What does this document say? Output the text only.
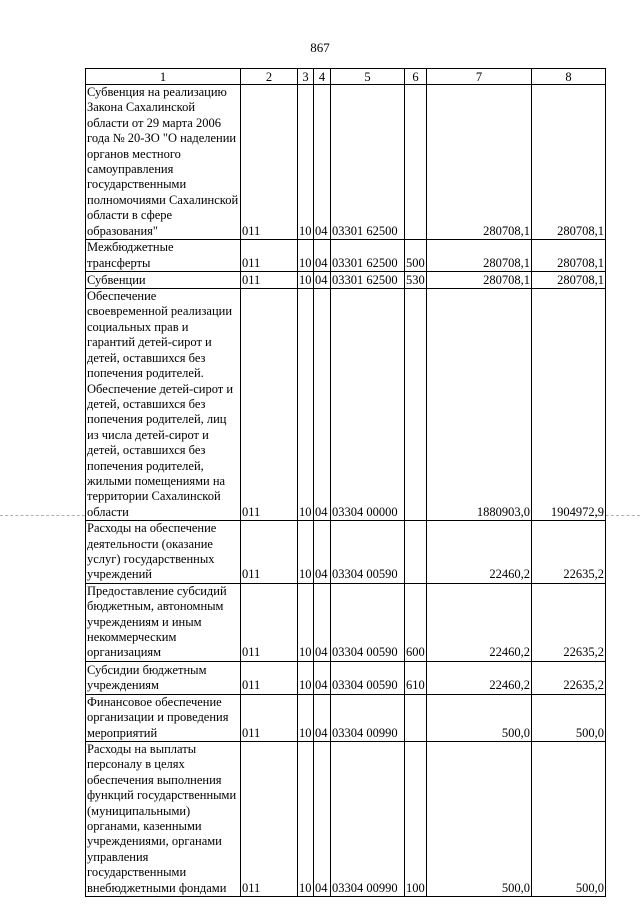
867
1	2	3	4	5	6	7	8
Субвенция на реализацию Закона Сахалинской области от 29 марта 2006 года № 20-ЗО "О наделении органов местного самоуправления государственными полномочиями Сахалинской области в сфере образования"	011	10	04	03301 62500		280708,1	280708,1
Межбюджетные трансферты	011	10	04	03301 62500	500	280708,1	280708,1
Субвенции	011	10	04	03301 62500	530	280708,1	280708,1
Обеспечение своевременной реализации социальных прав и гарантий детей-сирот и детей, оставшихся без попечения родителей. Обеспечение детей-сирот и детей, оставшихся без попечения родителей, лиц из числа детей-сирот и детей, оставшихся без попечения родителей, жилыми помещениями на территории Сахалинской области	011	10	04	03304 00000		1880903,0	1904972,9
Расходы на обеспечение деятельности (оказание услуг) государственных учреждений	011	10	04	03304 00590		22460,2	22635,2
Предоставление субсидий бюджетным, автономным учреждениям и иным некоммерческим организациям	011	10	04	03304 00590	600	22460,2	22635,2
Субсидии бюджетным учреждениям	011	10	04	03304 00590	610	22460,2	22635,2
Финансовое обеспечение организации и проведения мероприятий	011	10	04	03304 00990		500,0	500,0
Расходы на выплаты персоналу в целях обеспечения выполнения функций государственными (муниципальными) органами, казенными учреждениями, органами управления государственными внебюджетными фондами	011	10	04	03304 00990	100	500,0	500,0
